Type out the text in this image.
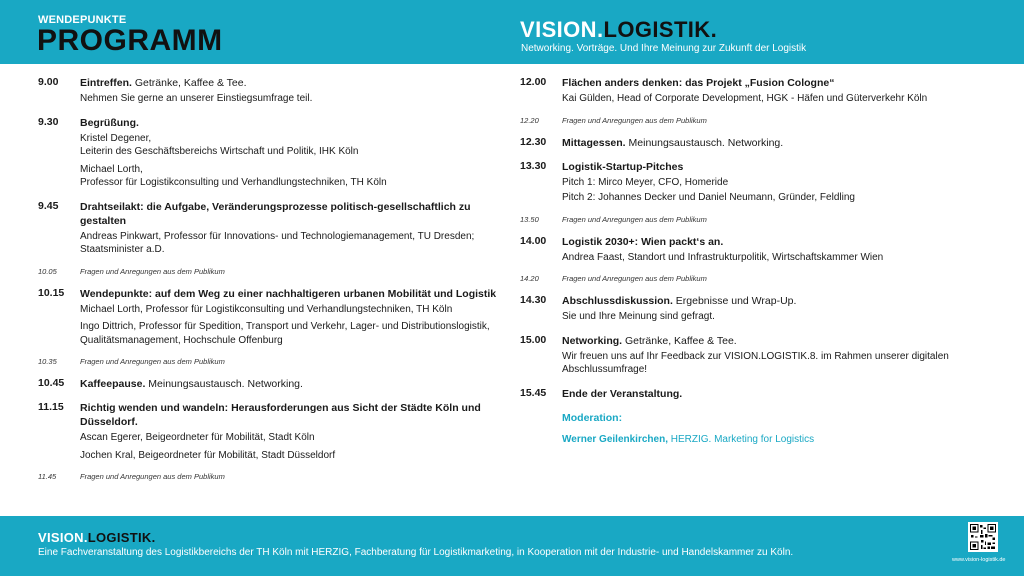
WENDEPUNKTE
PROGRAMM	VISION.LOGISTIK.
Networking. Vorträge. Und Ihre Meinung zur Zukunft der Logistik
9.00 Eintreffen. Getränke, Kaffee & Tee.
Nehmen Sie gerne an unserer Einstiegsumfrage teil.
9.30 Begrüßung.
Kristel Degener,
Leiterin des Geschäftsbereichs Wirtschaft und Politik, IHK Köln
Michael Lorth,
Professor für Logistikconsulting und Verhandlungstechniken, TH Köln
9.45 Drahtseilakt: die Aufgabe, Veränderungsprozesse politisch-gesellschaftlich zu gestalten
Andreas Pinkwart, Professor für Innovations- und Technologiemanagement, TU Dresden; Staatsminister a.D.
10.05	Fragen und Anregungen aus dem Publikum
10.15 Wendepunkte: auf dem Weg zu einer nachhaltigeren urbanen Mobilität und Logistik
Michael Lorth, Professor für Logistikconsulting und Verhandlungstechniken, TH Köln
Ingo Dittrich, Professor für Spedition, Transport und Verkehr, Lager- und Distributionslogistik, Qualitätsmanagement, Hochschule Offenburg
10.35	Fragen und Anregungen aus dem Publikum
10.45 Kaffeepause. Meinungsaustausch. Networking.
11.15 Richtig wenden und wandeln: Herausforderungen aus Sicht der Städte Köln und Düsseldorf.
Ascan Egerer, Beigeordneter für Mobilität, Stadt Köln
Jochen Kral, Beigeordneter für Mobilität, Stadt Düsseldorf
11.45	Fragen und Anregungen aus dem Publikum
12.00 Flächen anders denken: das Projekt „Fusion Cologne“
Kai Gülden, Head of Corporate Development, HGK - Häfen und Güterverkehr Köln
12.20	Fragen und Anregungen aus dem Publikum
12.30 Mittagessen. Meinungsaustausch. Networking.
13.30 Logistik-Startup-Pitches
Pitch 1: Mirco Meyer, CFO, Homeride
Pitch 2: Johannes Decker und Daniel Neumann, Gründer, Feldling
13.50	Fragen und Anregungen aus dem Publikum
14.00 Logistik 2030+: Wien packt‘s an.
Andrea Faast, Standort und Infrastrukturpolitik, Wirtschaftskammer Wien
14.20	Fragen und Anregungen aus dem Publikum
14.30 Abschlussdiskussion. Ergebnisse und Wrap-Up.
Sie und Ihre Meinung sind gefragt.
15.00 Networking. Getränke, Kaffee & Tee.
Wir freuen uns auf Ihr Feedback zur VISION.LOGISTIK.8. im Rahmen unserer digitalen Abschlussumfrage!
15.45 Ende der Veranstaltung.
Moderation:
Werner Geilenkirchen, HERZIG. Marketing for Logistics
VISION.LOGISTIK.
Eine Fachveranstaltung des Logistikbereichs der TH Köln mit HERZIG, Fachberatung für Logistikmarketing, in Kooperation mit der Industrie- und Handelskammer zu Köln.
www.vision-logistik.de
